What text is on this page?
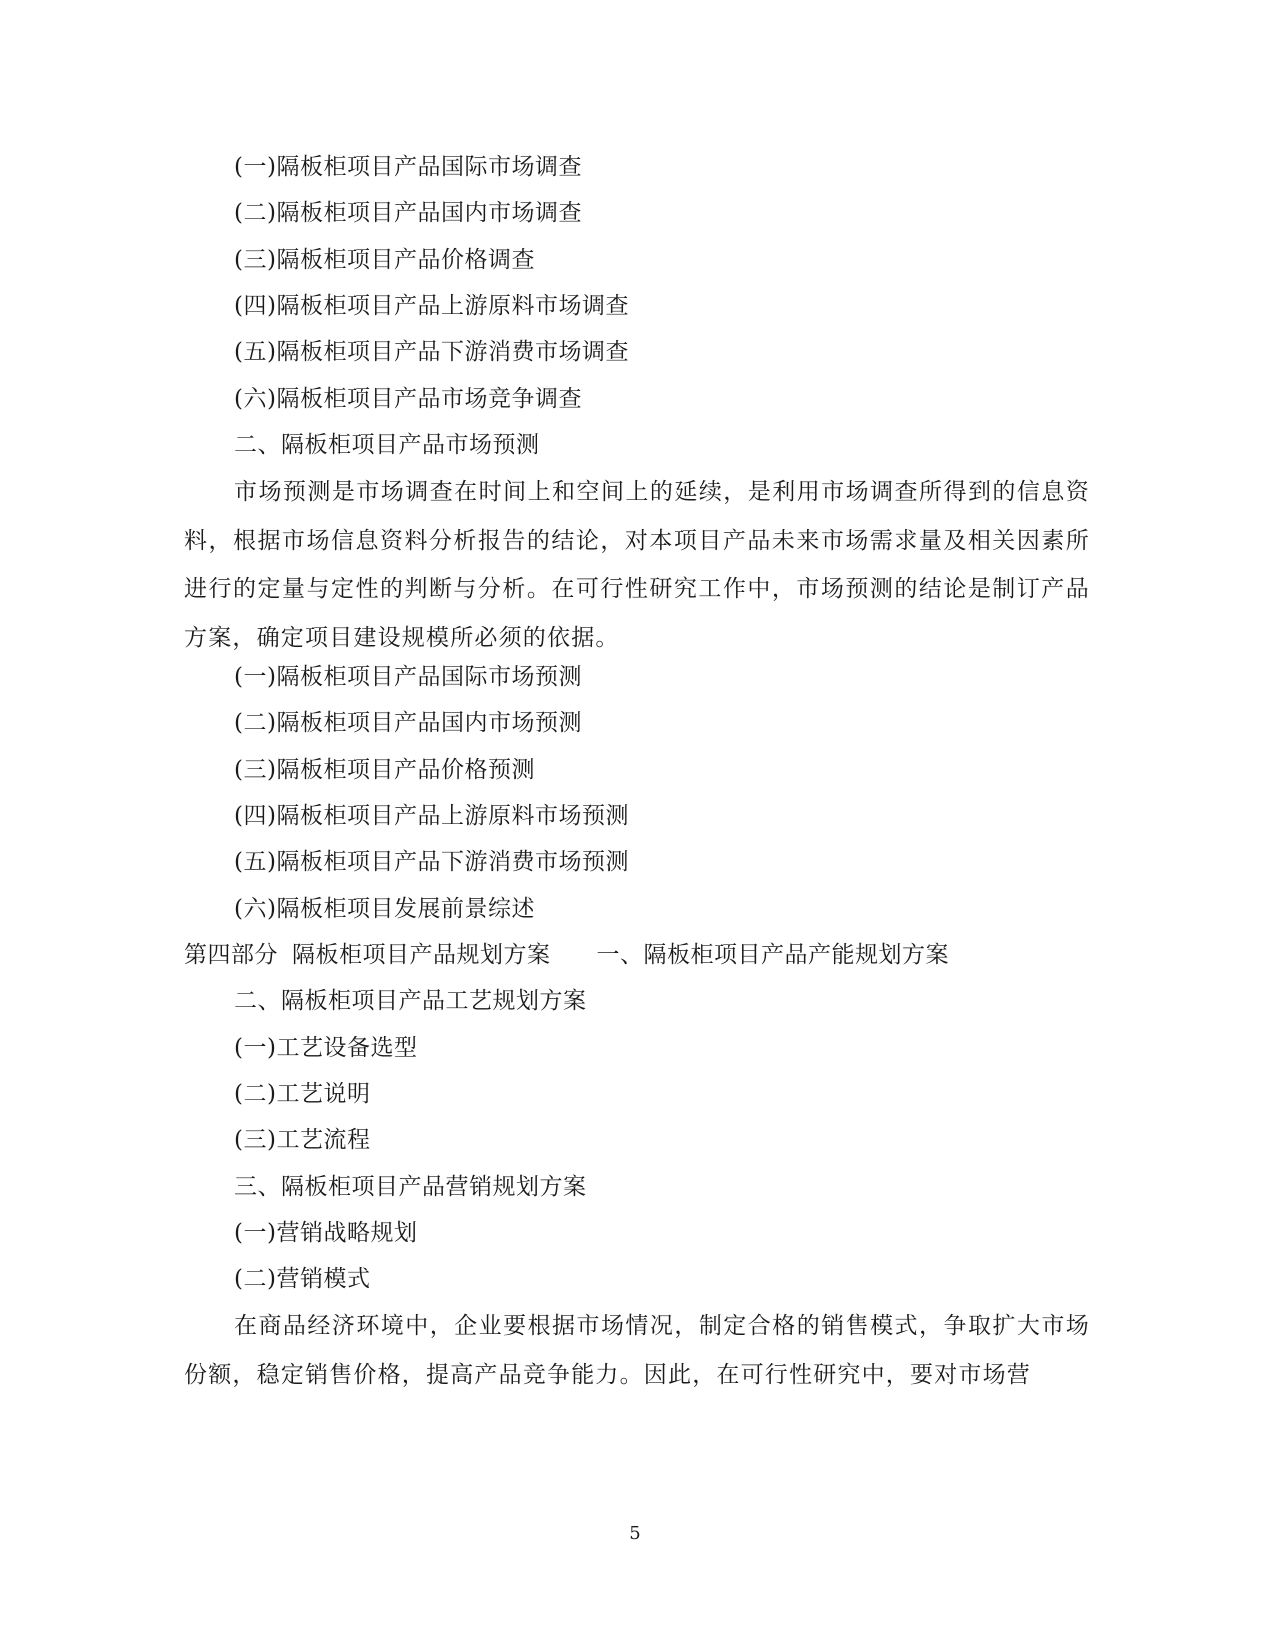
(一)隔板柜项目产品国际市场调查
(二)隔板柜项目产品国内市场调查
(三)隔板柜项目产品价格调查
(四)隔板柜项目产品上游原料市场调查
(五)隔板柜项目产品下游消费市场调查
(六)隔板柜项目产品市场竞争调查
二、隔板柜项目产品市场预测
市场预测是市场调查在时间上和空间上的延续，是利用市场调查所得到的信息资料，根据市场信息资料分析报告的结论，对本项目产品未来市场需求量及相关因素所进行的定量与定性的判断与分析。在可行性研究工作中，市场预测的结论是制订产品方案，确定项目建设规模所必须的依据。
(一)隔板柜项目产品国际市场预测
(二)隔板柜项目产品国内市场预测
(三)隔板柜项目产品价格预测
(四)隔板柜项目产品上游原料市场预测
(五)隔板柜项目产品下游消费市场预测
(六)隔板柜项目发展前景综述
第四部分 隔板柜项目产品规划方案 一、隔板柜项目产品产能规划方案
二、隔板柜项目产品工艺规划方案
(一)工艺设备选型
(二)工艺说明
(三)工艺流程
三、隔板柜项目产品营销规划方案
(一)营销战略规划
(二)营销模式
在商品经济环境中，企业要根据市场情况，制定合格的销售模式，争取扩大市场份额，稳定销售价格，提高产品竞争能力。因此，在可行性研究中，要对市场营
5
